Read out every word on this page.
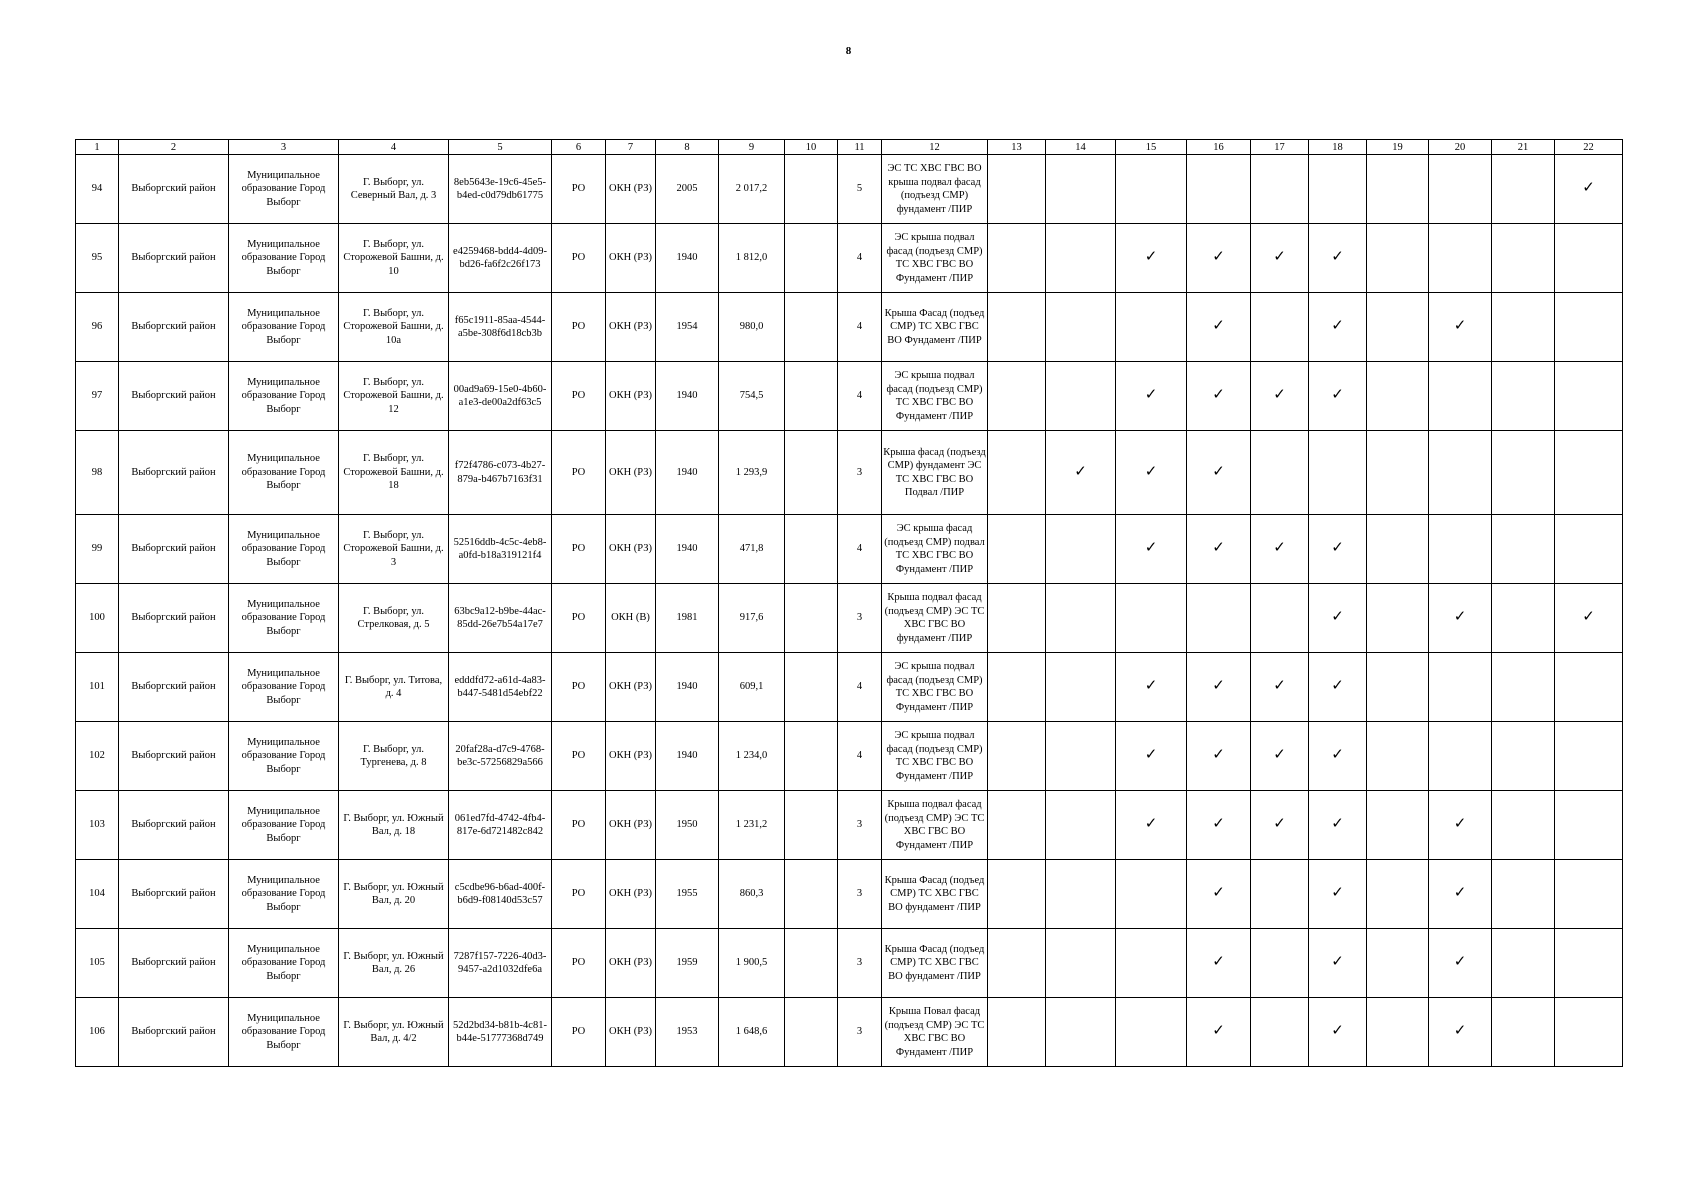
8
1	2	3	4	5	6	7	8	9	10	11	12	13	14	15	16	17	18	19	20	21	22
94	Выборгский район	Муниципальное образование Город Выборг	Г. Выборг, ул. Северный Вал, д. 3	8eb5643e-19c6-45e5-b4ed-c0d79db61775	РО	ОКН (РЗ)	2005	2 017,2		5	ЭС ТС ХВС ГВС ВО крыша подвал фасад (подъезд СМР) фундамент /ПИР										✓
95	Выборгский район	Муниципальное образование Город Выборг	Г. Выборг, ул. Сторожевой Башни, д. 10	e4259468-bdd4-4d09-bd26-fa6f2c26f173	РО	ОКН (РЗ)	1940	1 812,0		4	ЭС крыша подвал фасад (подъезд СМР) ТС ХВС ГВС ВО Фундамент /ПИР			✓	✓	✓	✓				
96	Выборгский район	Муниципальное образование Город Выборг	Г. Выборг, ул. Сторожевой Башни, д. 10а	f65c1911-85aa-4544-a5be-308f6d18cb3b	РО	ОКН (РЗ)	1954	980,0		4	Крыша Фасад (подъед СМР) ТС ХВС ГВС ВО Фундамент /ПИР				✓		✓		✓		
97	Выборгский район	Муниципальное образование Город Выборг	Г. Выборг, ул. Сторожевой Башни, д. 12	00ad9a69-15e0-4b60-a1e3-de00a2df63c5	РО	ОКН (РЗ)	1940	754,5		4	ЭС крыша подвал фасад (подъезд СМР) ТС ХВС ГВС ВО Фундамент /ПИР			✓	✓	✓	✓				
98	Выборгский район	Муниципальное образование Город Выборг	Г. Выборг, ул. Сторожевой Башни, д. 18	f72f4786-c073-4b27-879a-b467b7163f31	РО	ОКН (РЗ)	1940	1 293,9		3	Крыша фасад (подъезд СМР) фундамент ЭС ТС ХВС ГВС ВО Подвал /ПИР		✓	✓	✓						
99	Выборгский район	Муниципальное образование Город Выборг	Г. Выборг, ул. Сторожевой Башни, д. 3	52516ddb-4c5c-4eb8-a0fd-b18a319121f4	РО	ОКН (РЗ)	1940	471,8		4	ЭС крыша фасад (подъезд СМР) подвал ТС ХВС ГВС ВО Фундамент /ПИР			✓	✓	✓	✓				
100	Выборгский район	Муниципальное образование Город Выборг	Г. Выборг, ул. Стрелковая, д. 5	63bc9a12-b9be-44ac-85dd-26e7b54a17e7	РО	ОКН (В)	1981	917,6		3	Крыша подвал фасад (подъезд СМР) ЭС ТС ХВС ГВС ВО фундамент /ПИР						✓		✓		✓
101	Выборгский район	Муниципальное образование Город Выборг	Г. Выборг, ул. Титова, д. 4	edddfd72-a61d-4a83-b447-5481d54ebf22	РО	ОКН (РЗ)	1940	609,1		4	ЭС крыша подвал фасад (подъезд СМР) ТС ХВС ГВС ВО Фундамент /ПИР			✓	✓	✓	✓				
102	Выборгский район	Муниципальное образование Город Выборг	Г. Выборг, ул. Тургенева, д. 8	20faf28a-d7c9-4768-be3c-57256829a566	РО	ОКН (РЗ)	1940	1 234,0		4	ЭС крыша подвал фасад (подъезд СМР) ТС ХВС ГВС ВО Фундамент /ПИР			✓	✓	✓	✓				
103	Выборгский район	Муниципальное образование Город Выборг	Г. Выборг, ул. Южный Вал, д. 18	061ed7fd-4742-4fb4-817e-6d721482c842	РО	ОКН (РЗ)	1950	1 231,2		3	Крыша подвал фасад (подъезд СМР) ЭС ТС ХВС ГВС ВО Фундамент /ПИР			✓	✓	✓	✓		✓		
104	Выборгский район	Муниципальное образование Город Выборг	Г. Выборг, ул. Южный Вал, д. 20	c5cdbe96-b6ad-400f-b6d9-f08140d53c57	РО	ОКН (РЗ)	1955	860,3		3	Крыша Фасад (подъед СМР) ТС ХВС ГВС ВО фундамент /ПИР				✓		✓		✓		
105	Выборгский район	Муниципальное образование Город Выборг	Г. Выборг, ул. Южный Вал, д. 26	7287f157-7226-40d3-9457-a2d1032dfe6a	РО	ОКН (РЗ)	1959	1 900,5		3	Крыша Фасад (подъед СМР) ТС ХВС ГВС ВО фундамент /ПИР				✓		✓		✓		
106	Выборгский район	Муниципальное образование Город Выборг	Г. Выборг, ул. Южный Вал, д. 4/2	52d2bd34-b81b-4c81-b44e-51777368d749	РО	ОКН (РЗ)	1953	1 648,6		3	Крыша Повал фасад (подъезд СМР) ЭС ТС ХВС ГВС ВО Фундамент /ПИР				✓		✓		✓		
